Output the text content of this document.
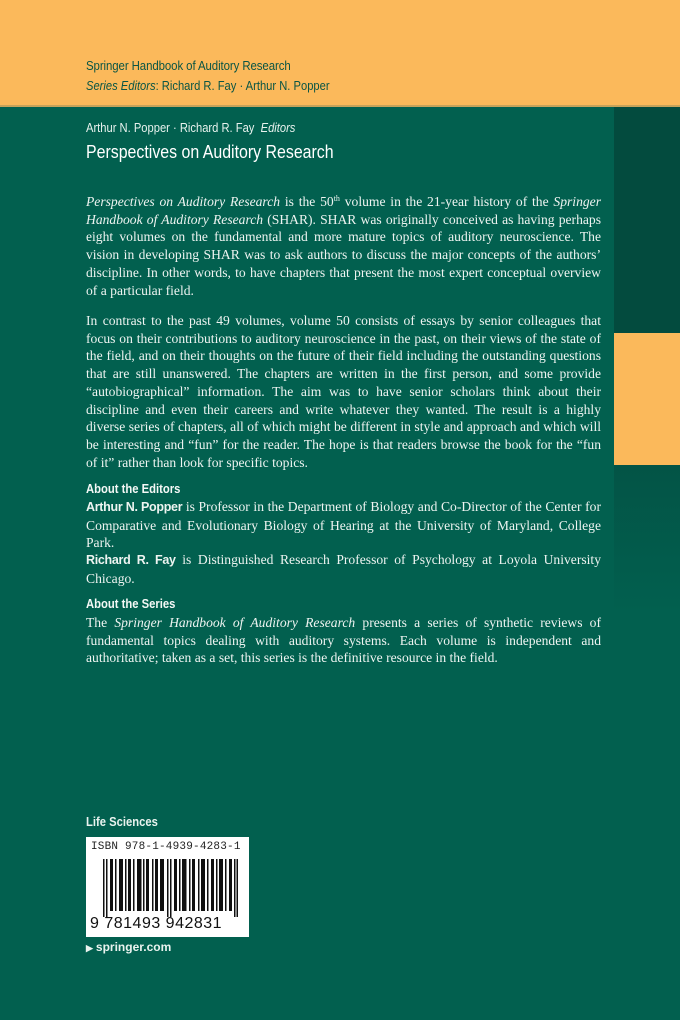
Springer Handbook of Auditory Research
Series Editors: Richard R. Fay · Arthur N. Popper
Arthur N. Popper · Richard R. Fay Editors
Perspectives on Auditory Research
Perspectives on Auditory Research is the 50th volume in the 21-year history of the Springer Handbook of Auditory Research (SHAR). SHAR was originally conceived as having perhaps eight volumes on the fundamental and more mature topics of auditory neuroscience. The vision in developing SHAR was to ask authors to discuss the major concepts of the authors’ discipline. In other words, to have chapters that present the most expert conceptual overview of a particular field.
In contrast to the past 49 volumes, volume 50 consists of essays by senior colleagues that focus on their contributions to auditory neuroscience in the past, on their views of the state of the field, and on their thoughts on the future of their field including the outstanding questions that are still unanswered. The chapters are written in the first person, and some provide “autobiographical” information. The aim was to have senior scholars think about their discipline and even their careers and write whatever they wanted. The result is a highly diverse series of chapters, all of which might be different in style and approach and which will be interesting and “fun” for the reader. The hope is that readers browse the book for the “fun of it” rather than look for specific topics.
About the Editors
Arthur N. Popper is Professor in the Department of Biology and Co-Director of the Center for Comparative and Evolutionary Biology of Hearing at the University of Maryland, College Park.
Richard R. Fay is Distinguished Research Professor of Psychology at Loyola University Chicago.
About the Series
The Springer Handbook of Auditory Research presents a series of synthetic reviews of fundamental topics dealing with auditory systems. Each volume is independent and authoritative; taken as a set, this series is the definitive resource in the field.
Life Sciences
ISBN 978-1-4939-4283-1
9 781493 942831
▶ springer.com
